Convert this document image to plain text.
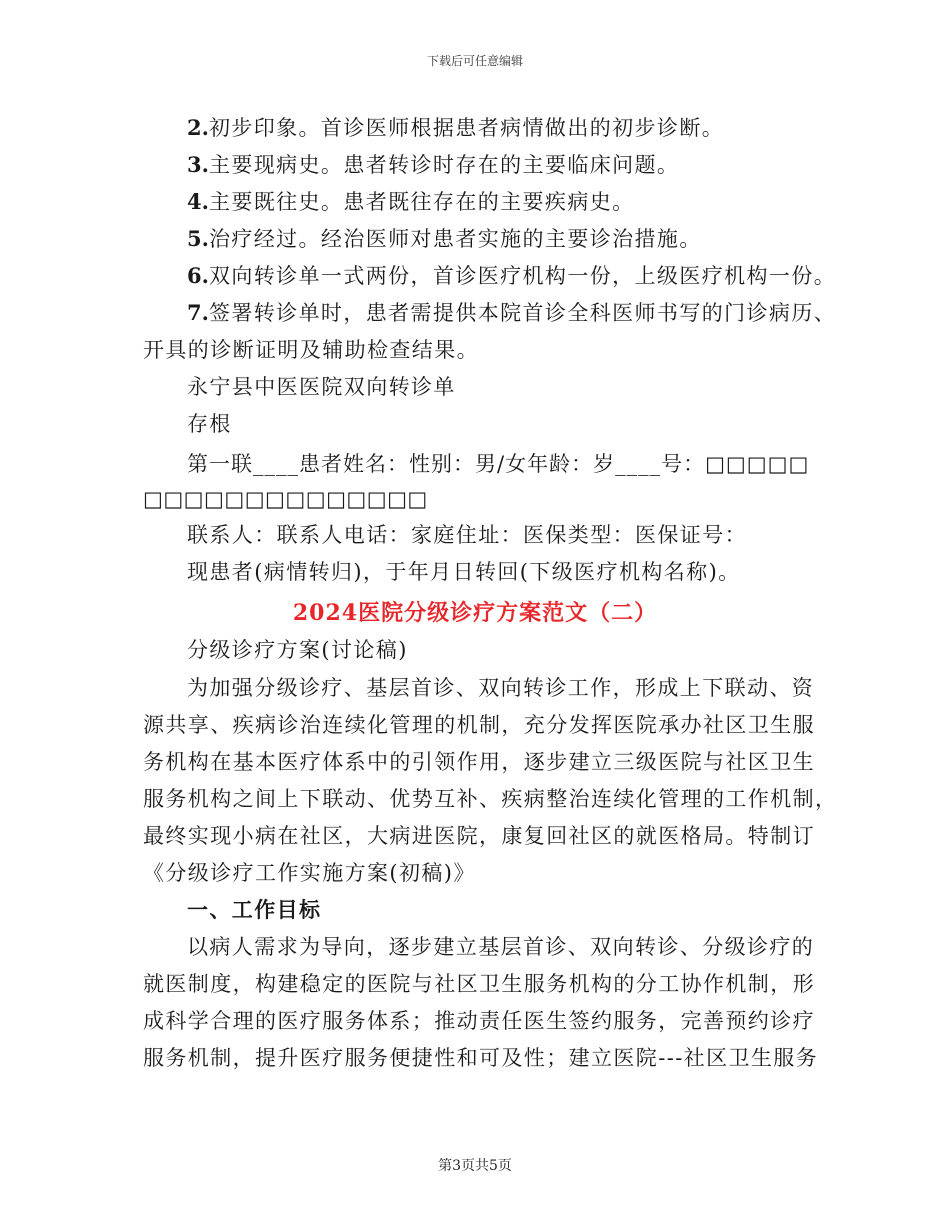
下载后可任意编辑
2.初步印象。首诊医师根据患者病情做出的初步诊断。
3.主要现病史。患者转诊时存在的主要临床问题。
4.主要既往史。患者既往存在的主要疾病史。
5.治疗经过。经治医师对患者实施的主要诊治措施。
6.双向转诊单一式两份，首诊医疗机构一份，上级医疗机构一份。
7.签署转诊单时，患者需提供本院首诊全科医师书写的门诊病历、
开具的诊断证明及辅助检查结果。
永宁县中医医院双向转诊单
存根
第一联____患者姓名：性别：男/女年龄：岁____号：□□□□□
□□□□□□□□□□□□□□
联系人：联系人电话：家庭住址：医保类型：医保证号：
现患者(病情转归)，于年月日转回(下级医疗机构名称)。
2024医院分级诊疗方案范文（二）
分级诊疗方案(讨论稿)
为加强分级诊疗、基层首诊、双向转诊工作，形成上下联动、资
源共享、疾病诊治连续化管理的机制，充分发挥医院承办社区卫生服
务机构在基本医疗体系中的引领作用，逐步建立三级医院与社区卫生
服务机构之间上下联动、优势互补、疾病整治连续化管理的工作机制，
最终实现小病在社区，大病进医院，康复回社区的就医格局。特制订
《分级诊疗工作实施方案(初稿)》
一、工作目标
以病人需求为导向，逐步建立基层首诊、双向转诊、分级诊疗的
就医制度，构建稳定的医院与社区卫生服务机构的分工协作机制，形
成科学合理的医疗服务体系；推动责任医生签约服务，完善预约诊疗
服务机制，提升医疗服务便捷性和可及性；建立医院---社区卫生服务
第3页共5页
